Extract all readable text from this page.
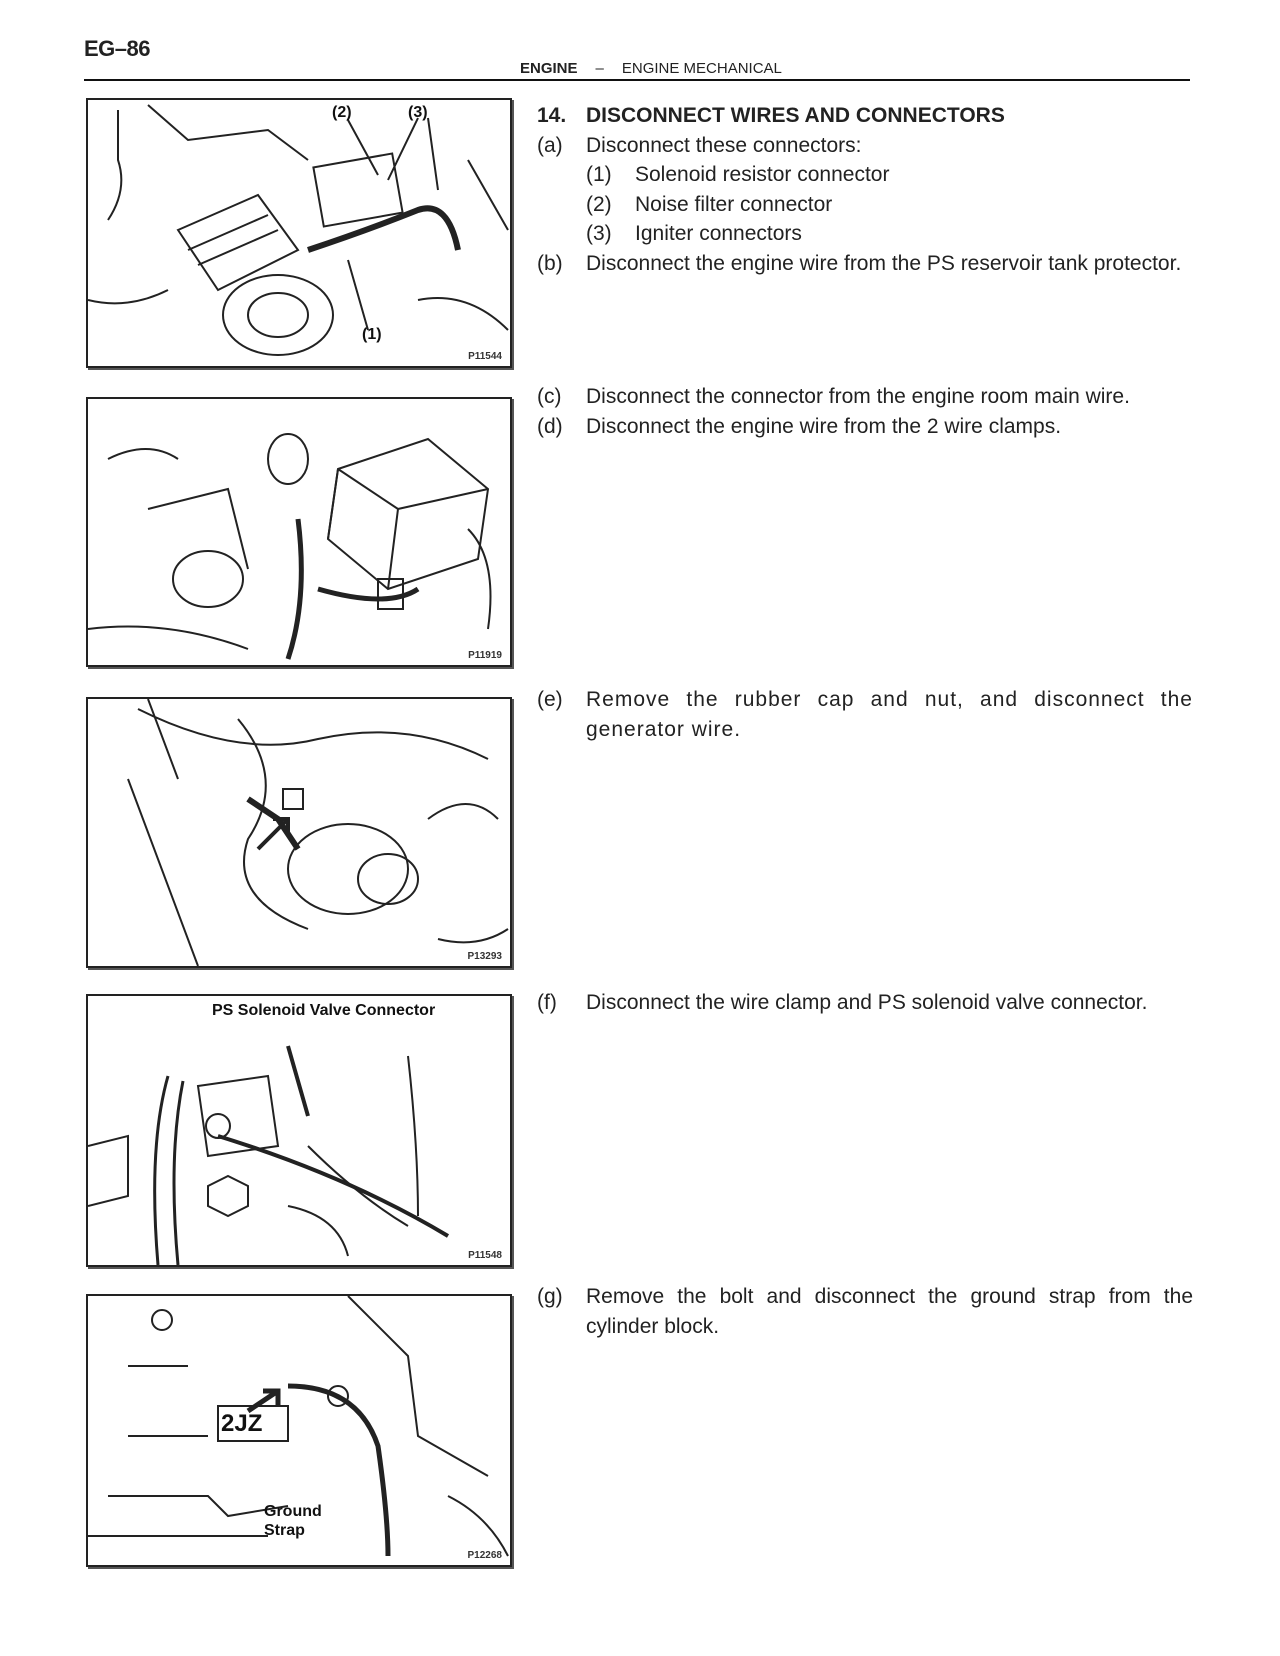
EG–86
ENGINE – ENGINE MECHANICAL
(2)	(3)
(1)
P11544
P11919
P13293
PS Solenoid Valve Connector
P11548
2JZ
Ground Strap
P12268
14. DISCONNECT WIRES AND CONNECTORS
(a)	Disconnect these connectors:
(1)	Solenoid resistor connector
(2)	Noise filter connector
(3)	Igniter connectors
(b)	Disconnect the engine wire from the PS reservoir tank protector.
(c)	Disconnect the connector from the engine room main wire.
(d)	Disconnect the engine wire from the 2 wire clamps.
(e)	Remove the rubber cap and nut, and disconnect the generator wire.
(f)	Disconnect the wire clamp and PS solenoid valve connector.
(g)	Remove the bolt and disconnect the ground strap from the cylinder block.
